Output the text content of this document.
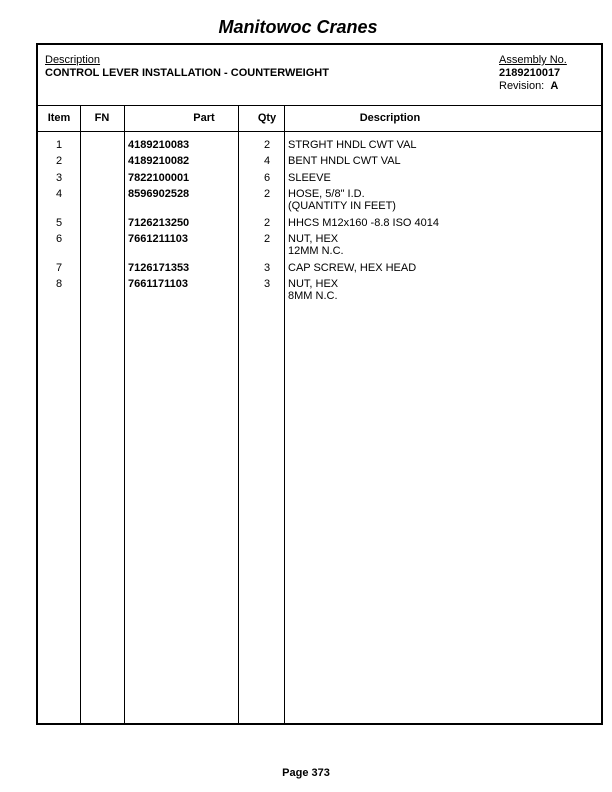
Manitowoc Cranes
Description
CONTROL LEVER INSTALLATION - COUNTERWEIGHT
Assembly No.
2189210017
Revision: A
Item	FN	Part	Qty	Description
1	4189210083	2	STRGHT HNDL CWT VAL
2	4189210082	4	BENT HNDL CWT VAL
3	7822100001	6	SLEEVE
4	8596902528	2	HOSE, 5/8" I.D.
(QUANTITY IN FEET)
5	7126213250	2	HHCS M12x160 -8.8 ISO 4014
6	7661211103	2	NUT, HEX
12MM N.C.
7	7126171353	3	CAP SCREW, HEX HEAD
8	7661171103	3	NUT, HEX
8MM N.C.
Page 373
